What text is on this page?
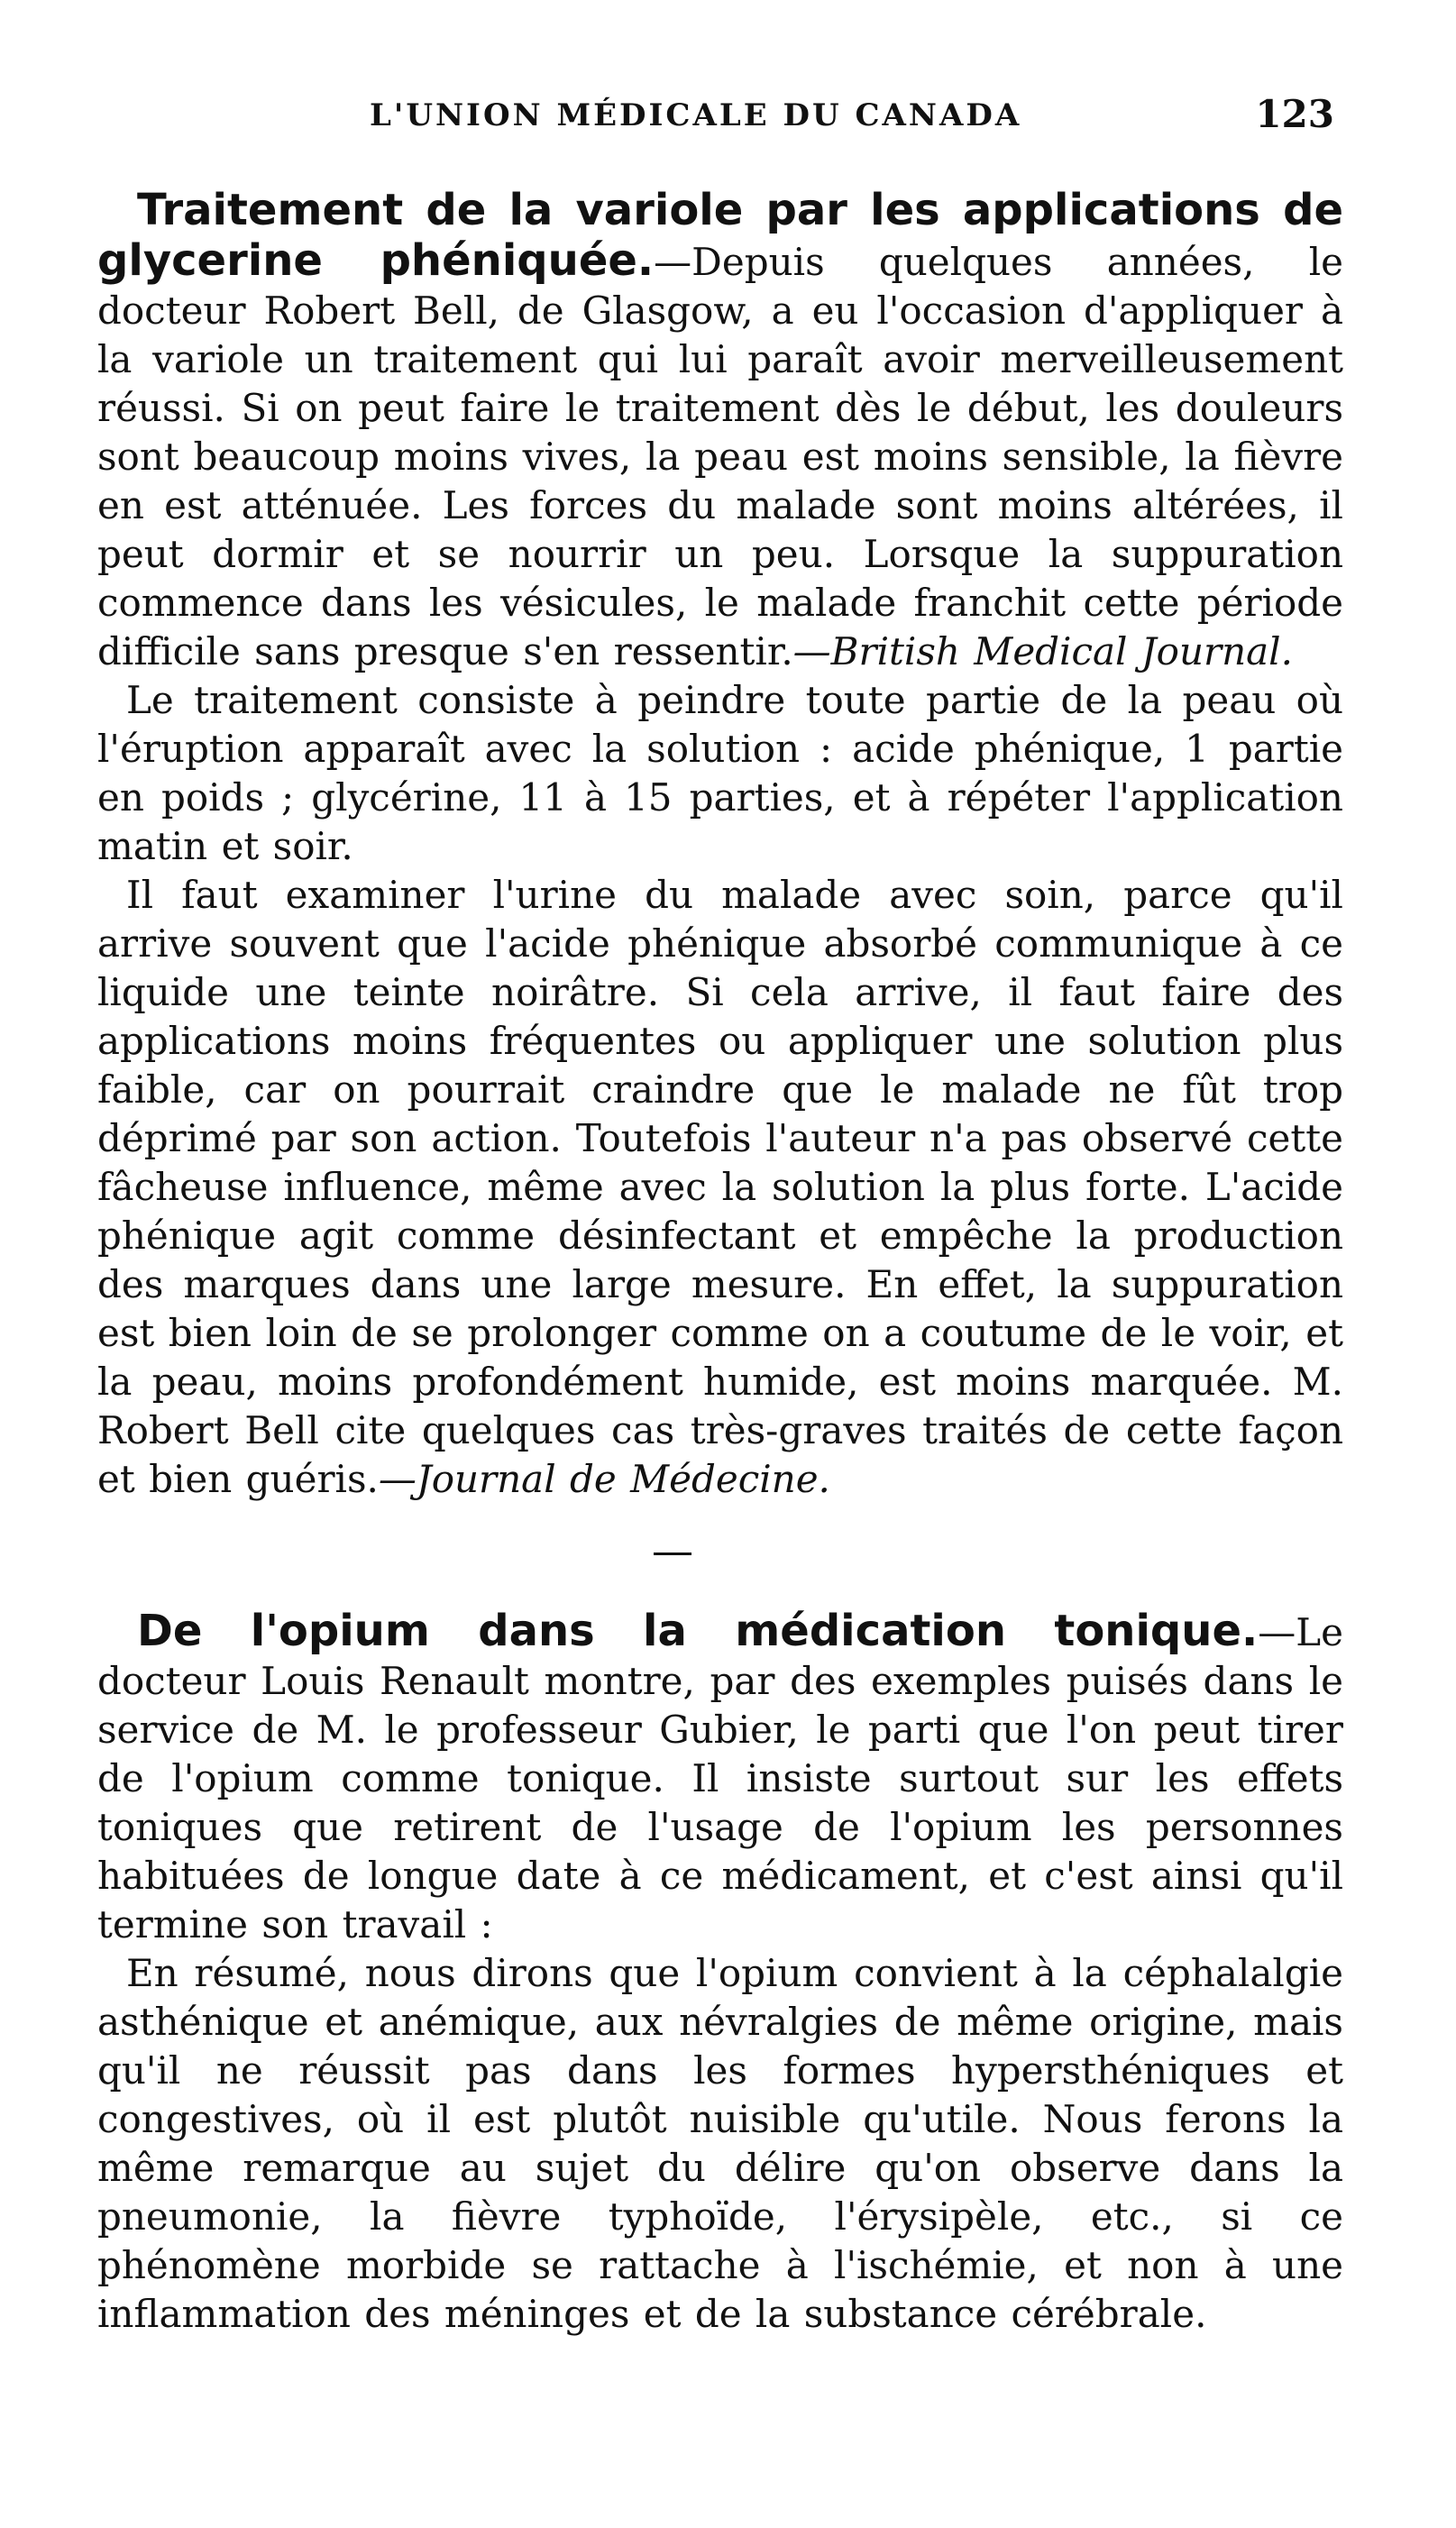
L'UNION MÉDICALE DU CANADA	123

Traitement de la variole par les applications de glycerine phéniquée.—Depuis quelques années, le docteur Robert Bell, de Glasgow, a eu l'occasion d'appliquer à la variole un traitement qui lui paraît avoir merveilleusement réussi. Si on peut faire le traitement dès le début, les douleurs sont beaucoup moins vives, la peau est moins sensible, la fièvre en est atténuée. Les forces du malade sont moins altérées, il peut dormir et se nourrir un peu. Lorsque la suppuration commence dans les vésicules, le malade franchit cette période difficile sans presque s'en ressentir.—British Medical Journal.

Le traitement consiste à peindre toute partie de la peau où l'éruption apparaît avec la solution : acide phénique, 1 partie en poids ; glycérine, 11 à 15 parties, et à répéter l'application matin et soir.

Il faut examiner l'urine du malade avec soin, parce qu'il arrive souvent que l'acide phénique absorbé communique à ce liquide une teinte noirâtre. Si cela arrive, il faut faire des applications moins fréquentes ou appliquer une solution plus faible, car on pourrait craindre que le malade ne fût trop déprimé par son action. Toutefois l'auteur n'a pas observé cette fâcheuse influence, même avec la solution la plus forte. L'acide phénique agit comme désinfectant et empêche la production des marques dans une large mesure. En effet, la suppuration est bien loin de se prolonger comme on a coutume de le voir, et la peau, moins profondément humide, est moins marquée. M. Robert Bell cite quelques cas très-graves traités de cette façon et bien guéris.—Journal de Médecine.

De l'opium dans la médication tonique.—Le docteur Louis Renault montre, par des exemples puisés dans le service de M. le professeur Gubier, le parti que l'on peut tirer de l'opium comme tonique. Il insiste surtout sur les effets toniques que retirent de l'usage de l'opium les personnes habituées de longue date à ce médicament, et c'est ainsi qu'il termine son travail :

En résumé, nous dirons que l'opium convient à la céphalalgie asthénique et anémique, aux névralgies de même origine, mais qu'il ne réussit pas dans les formes hypersthéniques et congestives, où il est plutôt nuisible qu'utile. Nous ferons la même remarque au sujet du délire qu'on observe dans la pneumonie, la fièvre typhoïde, l'érysipèle, etc., si ce phénomène morbide se rattache à l'ischémie, et non à une inflammation des méninges et de la substance cérébrale.
